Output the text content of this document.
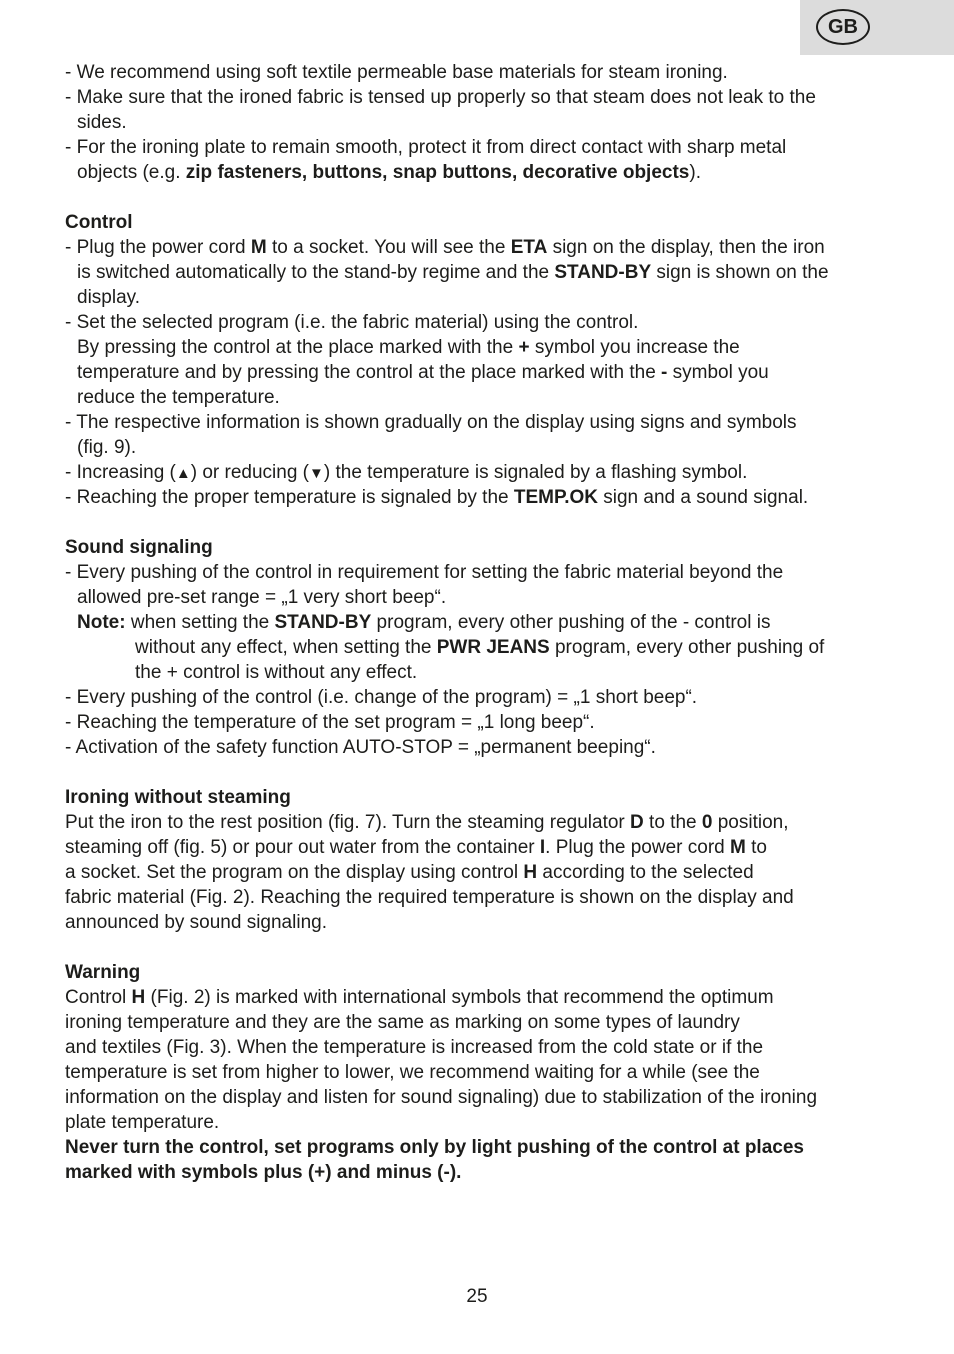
GB
- We recommend using soft textile permeable base materials for steam ironing.
- Make sure that the ironed fabric is tensed up properly so that steam does not leak to the
sides.
- For the ironing plate to remain smooth, protect it from direct contact with sharp metal
objects (e.g. zip fasteners, buttons, snap buttons, decorative objects).
Control
- Plug the power cord M to a socket. You will see the ETA sign on the display, then the iron
is switched automatically to the stand-by regime and the STAND-BY sign is shown on the
display.
- Set the selected program (i.e. the fabric material) using the control.
By pressing the control at the place marked with the + symbol you increase the
temperature and by pressing the control at the place marked with the - symbol you
reduce the temperature.
- The respective information is shown gradually on the display using signs and symbols
(fig. 9).
- Increasing (▲) or reducing (▼) the temperature is signaled by a flashing symbol.
- Reaching the proper temperature is signaled by the TEMP.OK sign and a sound signal.
Sound signaling
- Every pushing of the control in requirement for setting the fabric material beyond the
allowed pre-set range = „1 very short beep“.
Note: when setting the STAND-BY program, every other pushing of the - control is
without any effect, when setting the PWR JEANS program, every other pushing of
the + control is without any effect.
- Every pushing of the control (i.e. change of the program) = „1 short beep“.
- Reaching the temperature of the set program = „1 long beep“.
- Activation of the safety function AUTO-STOP = „permanent beeping“.
Ironing without steaming
Put the iron to the rest position (fig. 7). Turn the steaming regulator D to the 0 position,
steaming off (fig. 5) or pour out water from the container I. Plug the power cord M to
a socket. Set the program on the display using control H according to the selected
fabric material (Fig. 2). Reaching the required temperature is shown on the display and
announced by sound signaling.
Warning
Control H (Fig. 2) is marked with international symbols that recommend the optimum
ironing temperature and they are the same as marking on some types of laundry
and textiles (Fig. 3). When the temperature is increased from the cold state or if the
temperature is set from higher to lower, we recommend waiting for a while (see the
information on the display and listen for sound signaling) due to stabilization of the ironing
plate temperature.
Never turn the control, set programs only by light pushing of the control at places
marked with symbols plus (+) and minus (-).
25
